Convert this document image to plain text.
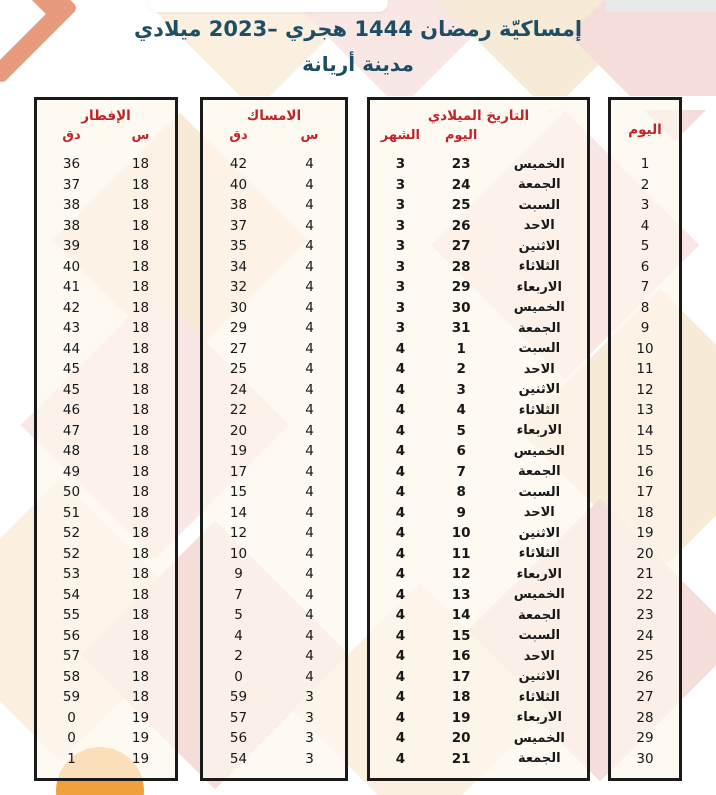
إمساكيّة رمضان 1444 هجري –2023 ميلادي
مدينة أريانة
اليوم
1
2
3
4
5
6
7
8
9
10
11
12
13
14
15
16
17
18
19
20
21
22
23
24
25
26
27
28
29
30
التاريخ الميلادي
اليوم
الشهر
الخميس
23
3
الجمعة
24
3
السبت
25
3
الاحد
26
3
الاثنين
27
3
الثلاثاء
28
3
الاربعاء
29
3
الخميس
30
3
الجمعة
31
3
السبت
1
4
الاحد
2
4
الاثنين
3
4
الثلاثاء
4
4
الاربعاء
5
4
الخميس
6
4
الجمعة
7
4
السبت
8
4
الاحد
9
4
الاثنين
10
4
الثلاثاء
11
4
الاربعاء
12
4
الخميس
13
4
الجمعة
14
4
السبت
15
4
الاحد
16
4
الاثنين
17
4
الثلاثاء
18
4
الاربعاء
19
4
الخميس
20
4
الجمعة
21
4
الامساك
س
دق
4
42
4
40
4
38
4
37
4
35
4
34
4
32
4
30
4
29
4
27
4
25
4
24
4
22
4
20
4
19
4
17
4
15
4
14
4
12
4
10
4
9
4
7
4
5
4
4
4
2
4
0
3
59
3
57
3
56
3
54
الإفطار
س
دق
18
36
18
37
18
38
18
38
18
39
18
40
18
41
18
42
18
43
18
44
18
45
18
45
18
46
18
47
18
48
18
49
18
50
18
51
18
52
18
52
18
53
18
54
18
55
18
56
18
57
18
58
18
59
19
0
19
0
19
1
